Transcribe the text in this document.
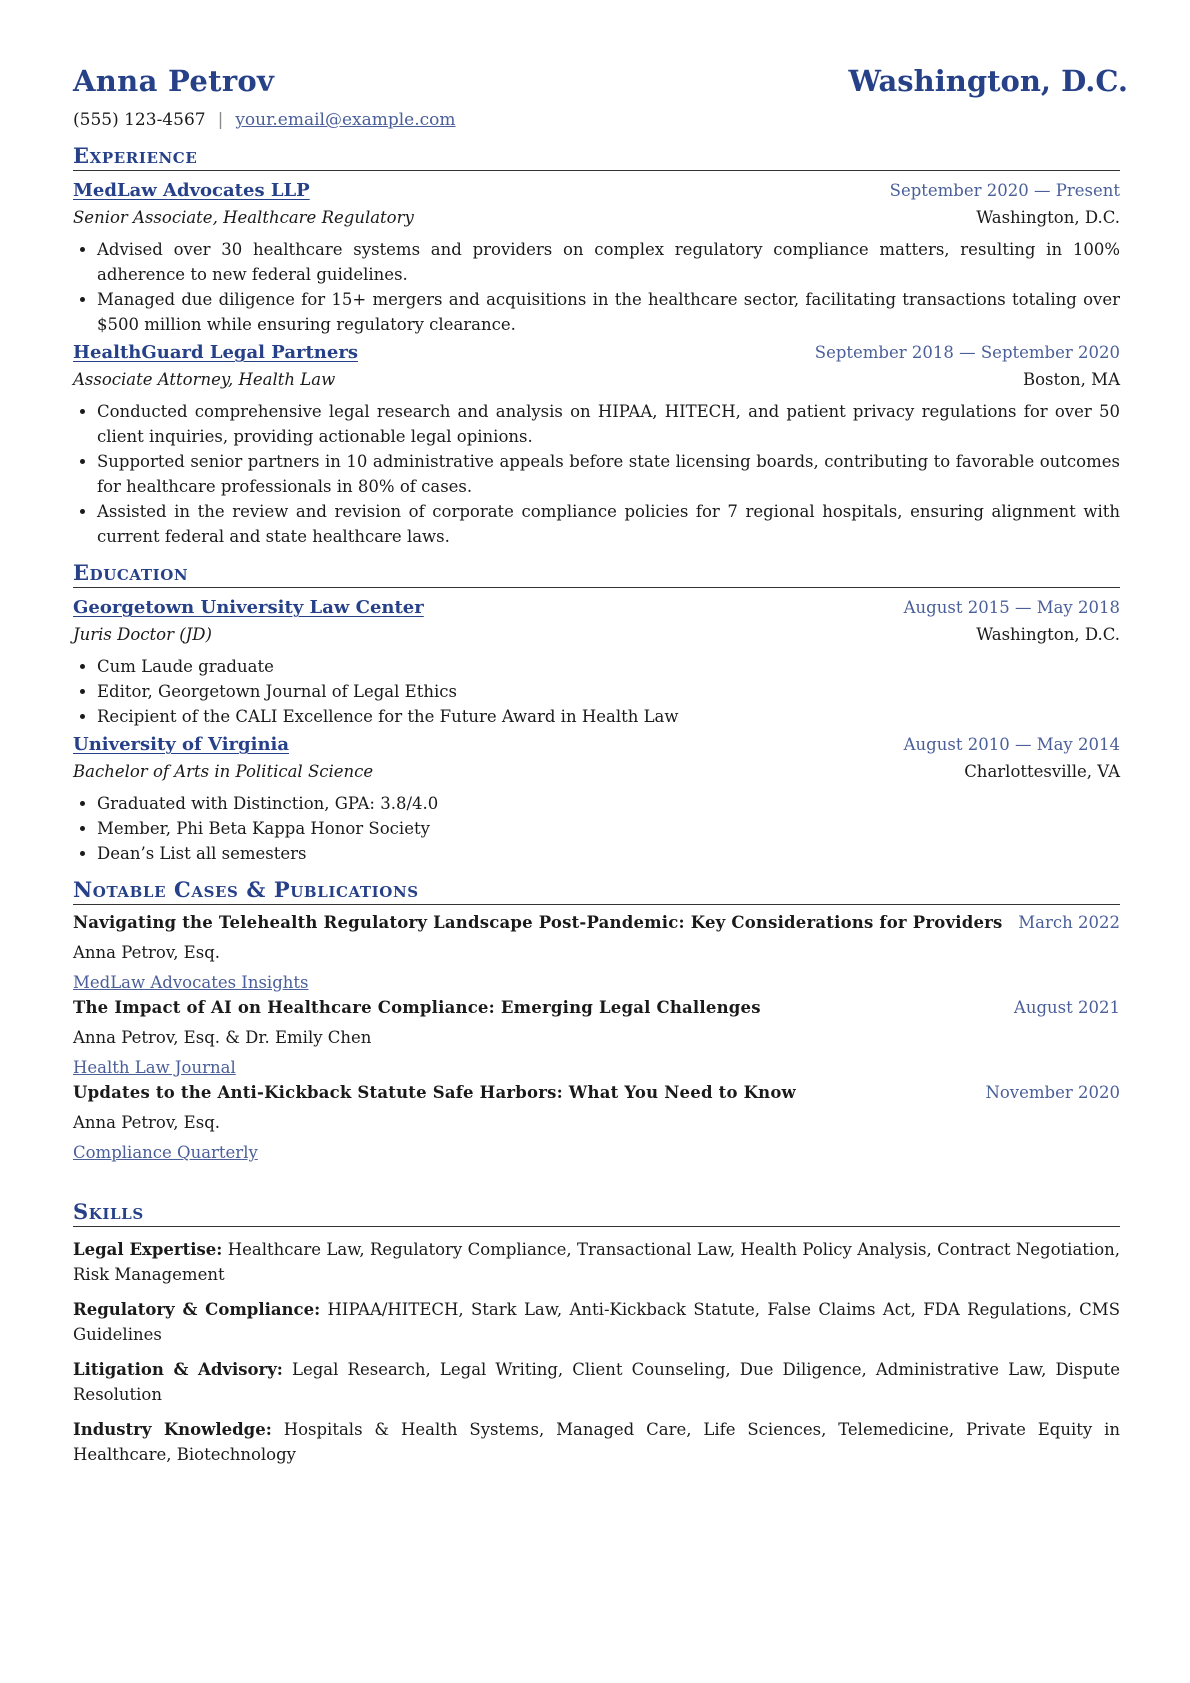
Anna Petrov	Washington, D.C.
(555) 123-4567 | your.email@example.com
Experience
MedLaw Advocates LLP	September 2020 — Present
Senior Associate, Healthcare Regulatory	Washington, D.C.
• Advised over 30 healthcare systems and providers on complex regulatory compliance matters, resulting in 100% adherence to new federal guidelines.
• Managed due diligence for 15+ mergers and acquisitions in the healthcare sector, facilitating transactions totaling over $500 million while ensuring regulatory clearance.
HealthGuard Legal Partners	September 2018 — September 2020
Associate Attorney, Health Law	Boston, MA
• Conducted comprehensive legal research and analysis on HIPAA, HITECH, and patient privacy regulations for over 50 client inquiries, providing actionable legal opinions.
• Supported senior partners in 10 administrative appeals before state licensing boards, contributing to favorable outcomes for healthcare professionals in 80% of cases.
• Assisted in the review and revision of corporate compliance policies for 7 regional hospitals, ensuring alignment with current federal and state healthcare laws.
Education
Georgetown University Law Center	August 2015 — May 2018
Juris Doctor (JD)	Washington, D.C.
• Cum Laude graduate
• Editor, Georgetown Journal of Legal Ethics
• Recipient of the CALI Excellence for the Future Award in Health Law
University of Virginia	August 2010 — May 2014
Bachelor of Arts in Political Science	Charlottesville, VA
• Graduated with Distinction, GPA: 3.8/4.0
• Member, Phi Beta Kappa Honor Society
• Dean’s List all semesters
Notable Cases & Publications
Navigating the Telehealth Regulatory Landscape Post-Pandemic: Key Considerations for Providers March 2022
Anna Petrov, Esq.
MedLaw Advocates Insights
The Impact of AI on Healthcare Compliance: Emerging Legal Challenges	August 2021
Anna Petrov, Esq. & Dr. Emily Chen
Health Law Journal
Updates to the Anti-Kickback Statute Safe Harbors: What You Need to Know	November 2020
Anna Petrov, Esq.
Compliance Quarterly
Skills
Legal Expertise: Healthcare Law, Regulatory Compliance, Transactional Law, Health Policy Analysis, Contract Negotiation, Risk Management
Regulatory & Compliance: HIPAA/HITECH, Stark Law, Anti-Kickback Statute, False Claims Act, FDA Regulations, CMS Guidelines
Litigation & Advisory: Legal Research, Legal Writing, Client Counseling, Due Diligence, Administrative Law, Dispute Resolution
Industry Knowledge: Hospitals & Health Systems, Managed Care, Life Sciences, Telemedicine, Private Equity in Healthcare, Biotechnology
